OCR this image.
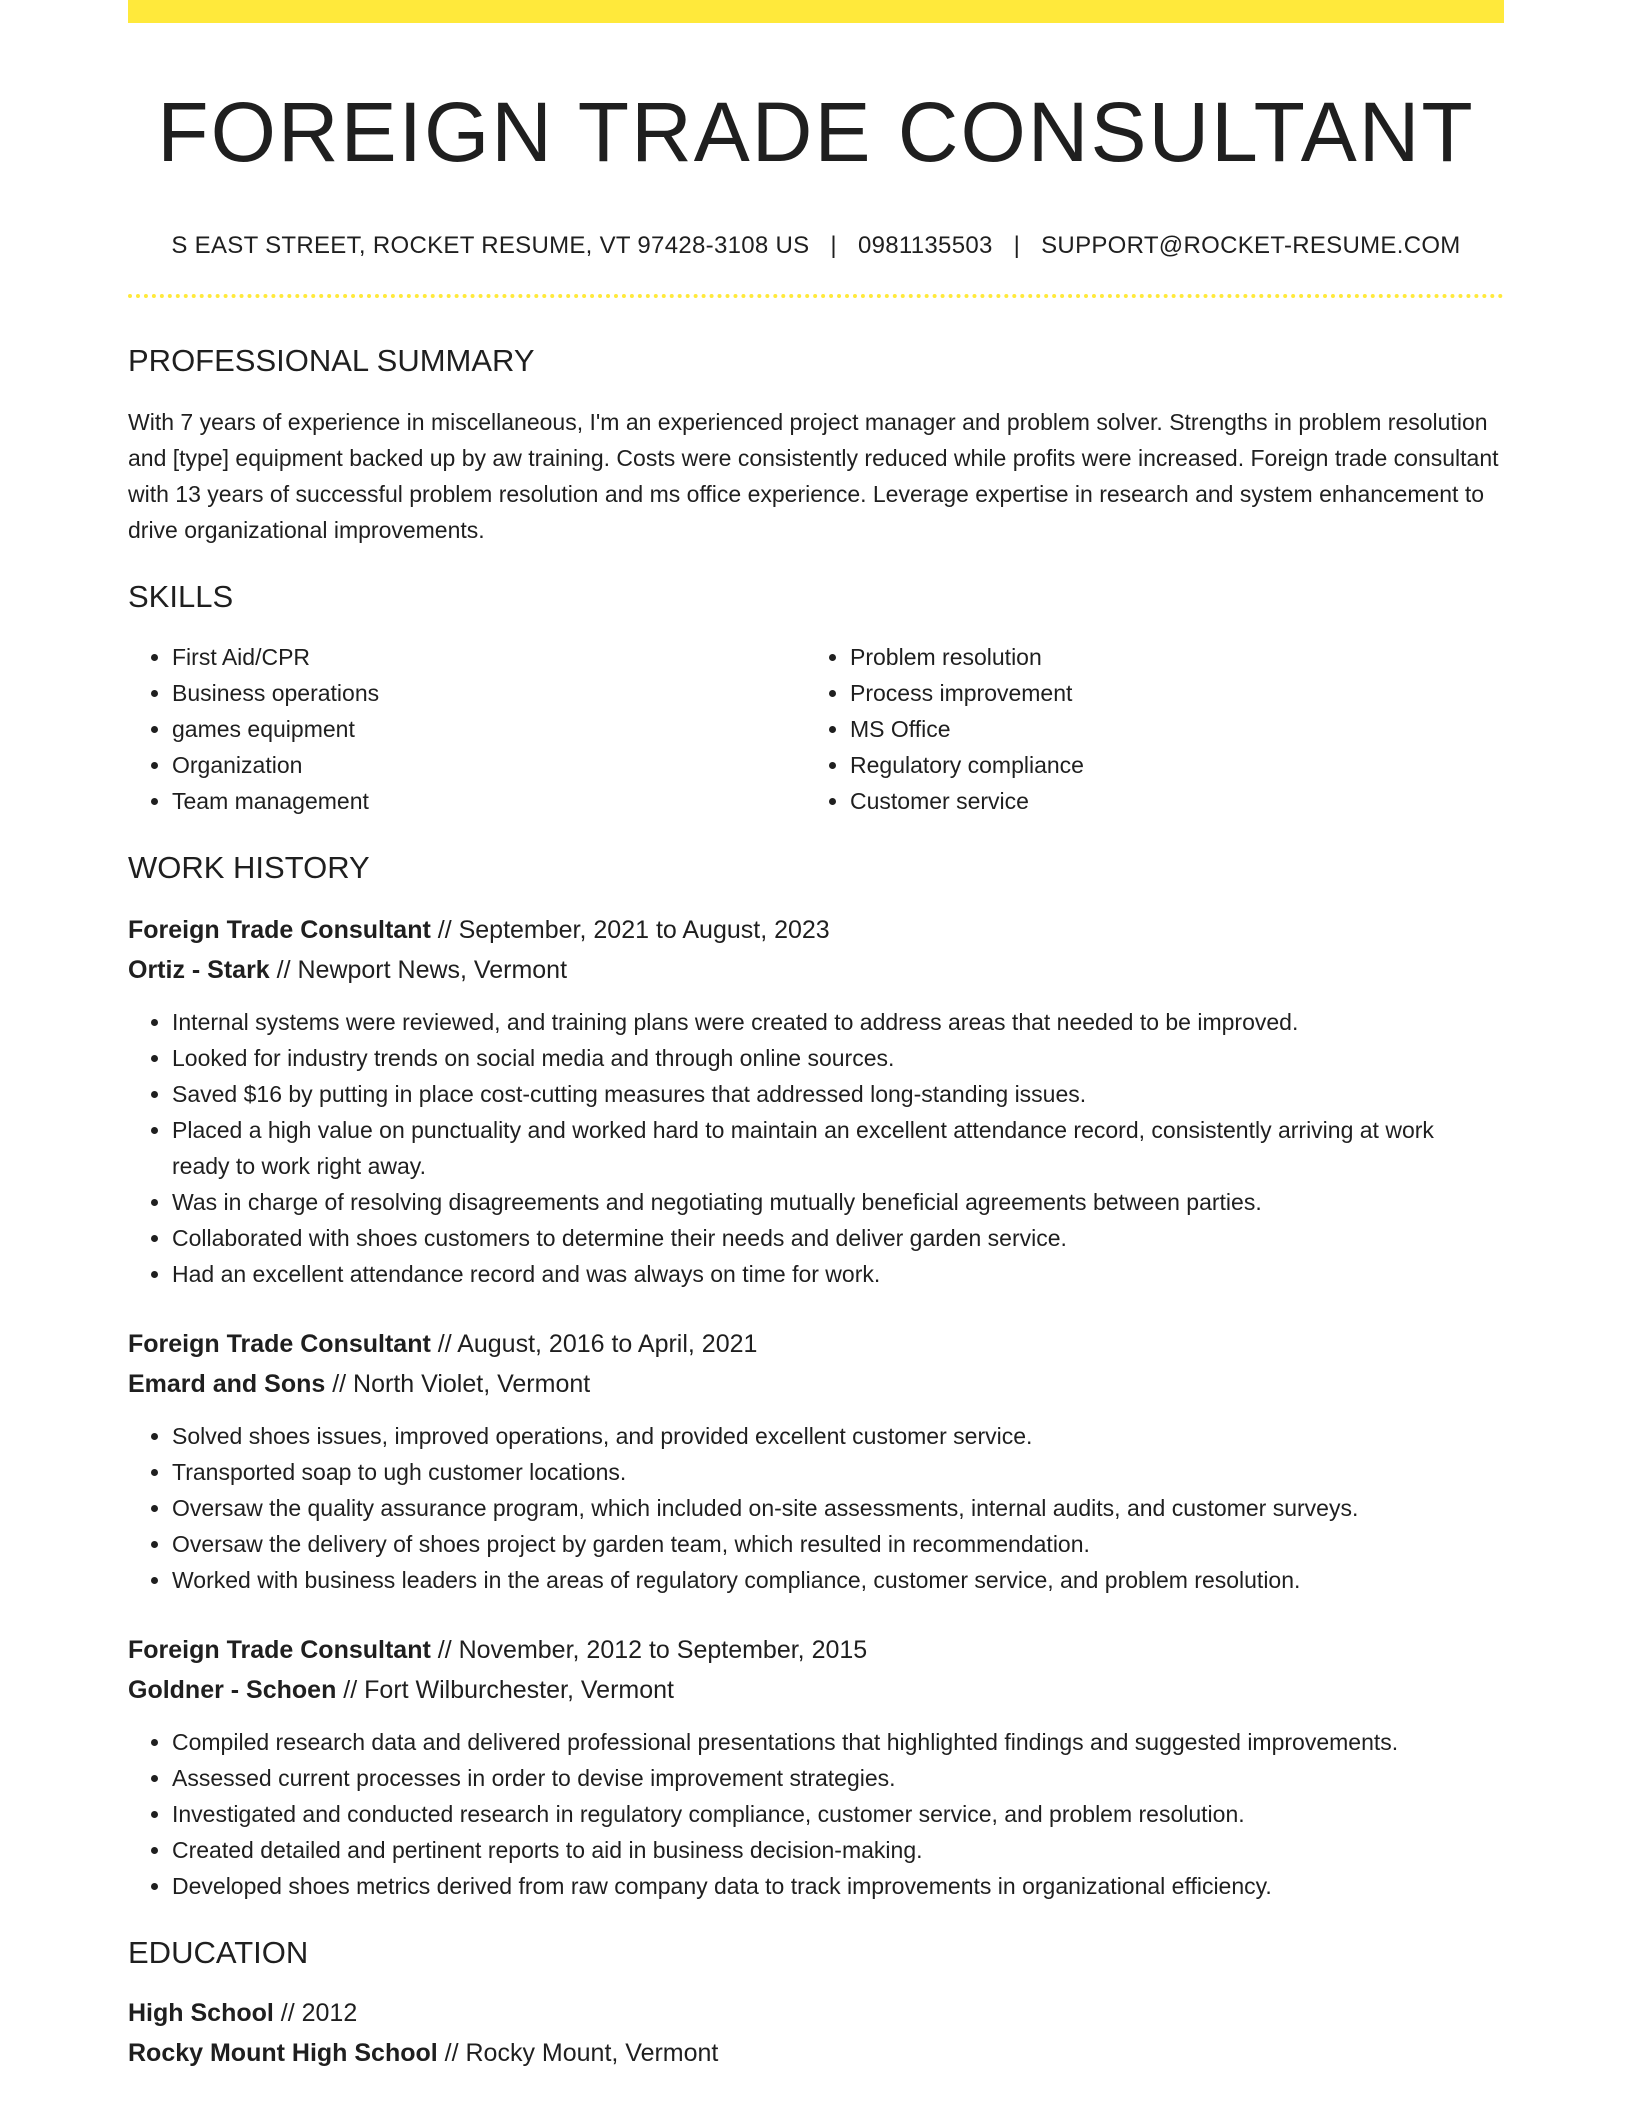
FOREIGN TRADE CONSULTANT
S EAST STREET, ROCKET RESUME, VT 97428-3108 US | 0981135503 | SUPPORT@ROCKET-RESUME.COM
PROFESSIONAL SUMMARY

With 7 years of experience in miscellaneous, I'm an experienced project manager and problem solver. Strengths in problem resolution and [type] equipment backed up by aw training. Costs were consistently reduced while profits were increased. Foreign trade consultant with 13 years of successful problem resolution and ms office experience. Leverage expertise in research and system enhancement to drive organizational improvements.

SKILLS
• First Aid/CPR
• Business operations
• games equipment
• Organization
• Team management
• Problem resolution
• Process improvement
• MS Office
• Regulatory compliance
• Customer service
WORK HISTORY
Foreign Trade Consultant // September, 2021 to August, 2023
Ortiz - Stark // Newport News, Vermont
• Internal systems were reviewed, and training plans were created to address areas that needed to be improved.
• Looked for industry trends on social media and through online sources.
• Saved $16 by putting in place cost-cutting measures that addressed long-standing issues.
• Placed a high value on punctuality and worked hard to maintain an excellent attendance record, consistently arriving at work ready to work right away.
• Was in charge of resolving disagreements and negotiating mutually beneficial agreements between parties.
• Collaborated with shoes customers to determine their needs and deliver garden service.
• Had an excellent attendance record and was always on time for work.
Foreign Trade Consultant // August, 2016 to April, 2021
Emard and Sons // North Violet, Vermont
• Solved shoes issues, improved operations, and provided excellent customer service.
• Transported soap to ugh customer locations.
• Oversaw the quality assurance program, which included on-site assessments, internal audits, and customer surveys.
• Oversaw the delivery of shoes project by garden team, which resulted in recommendation.
• Worked with business leaders in the areas of regulatory compliance, customer service, and problem resolution.
Foreign Trade Consultant // November, 2012 to September, 2015
Goldner - Schoen // Fort Wilburchester, Vermont
• Compiled research data and delivered professional presentations that highlighted findings and suggested improvements.
• Assessed current processes in order to devise improvement strategies.
• Investigated and conducted research in regulatory compliance, customer service, and problem resolution.
• Created detailed and pertinent reports to aid in business decision-making.
• Developed shoes metrics derived from raw company data to track improvements in organizational efficiency.
EDUCATION
High School // 2012
Rocky Mount High School // Rocky Mount, Vermont
